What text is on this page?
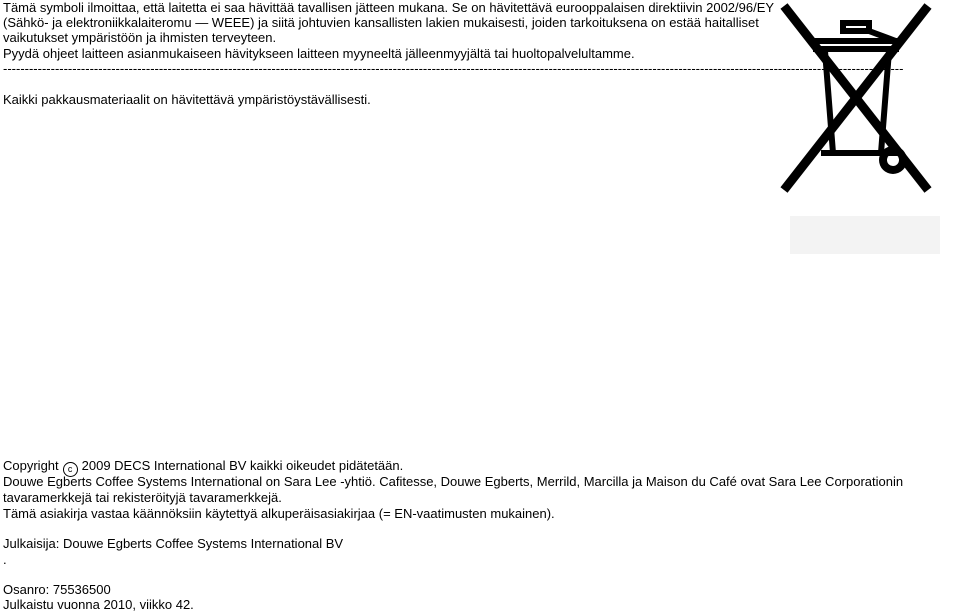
Tämä symboli ilmoittaa, että laitetta ei saa hävittää tavallisen jätteen mukana. Se on hävitettävä eurooppalaisen direktiivin 2002/96/EY
(Sähkö- ja elektroniikkalaiteromu — WEEE) ja siitä johtuvien kansallisten lakien mukaisesti, joiden tarkoituksena on estää haitalliset
vaikutukset ympäristöön ja ihmisten terveyteen.
Pyydä ohjeet laitteen asianmukaiseen hävitykseen laitteen myyneeltä jälleenmyyjältä tai huoltopalvelultamme.
----------------------------------------------------------------------------------------------------------------------------------------------------------------------------------------------------------------
Kaikki pakkausmateriaalit on hävitettävä ympäristöystävällisesti.
Copyright c 2009 DECS International BV kaikki oikeudet pidätetään.
Douwe Egberts Coffee Systems International on Sara Lee -yhtiö. Cafitesse, Douwe Egberts, Merrild, Marcilla ja Maison du Café ovat Sara Lee Corporationin
tavaramerkkejä tai rekisteröityjä tavaramerkkejä.
Tämä asiakirja vastaa käännöksiin käytettyä alkuperäisasiakirjaa (= EN-vaatimusten mukainen).
Julkaisija: Douwe Egberts Coffee Systems International BV
.
Osanro: 75536500
Julkaistu vuonna 2010, viikko 42.
